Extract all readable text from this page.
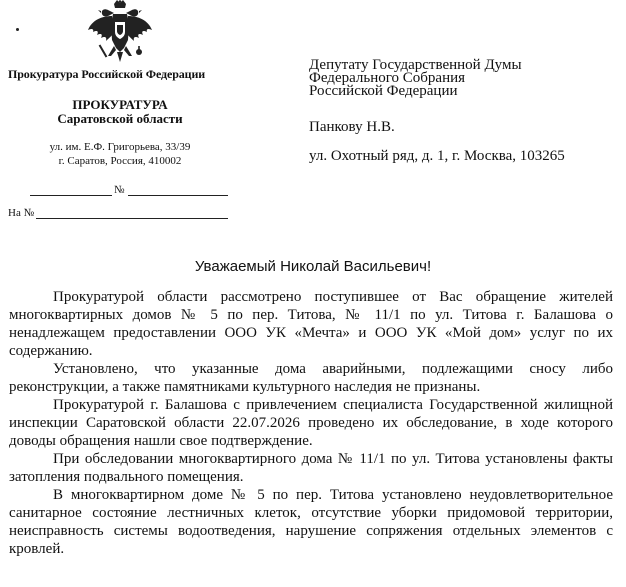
Прокуратура Российской Федерации
ПРОКУРАТУРА
Саратовской области
ул. им. Е.Ф. Григорьева, 33/39
г. Саратов, Россия, 410002
№
На №
Депутату Государственной Думы
Федерального Собрания
Российской Федерации
Панкову Н.В.
ул. Охотный ряд, д. 1, г. Москва, 103265
Уважаемый Николай Васильевич!

Прокуратурой области рассмотрено поступившее от Вас обращение жителей многоквартирных домов № 5 по пер. Титова, № 11/1 по ул. Титова г. Балашова о ненадлежащем предоставлении ООО УК «Мечта» и ООО УК «Мой дом» услуг по их содержанию.

Установлено, что указанные дома аварийными, подлежащими сносу либо реконструкции, а также памятниками культурного наследия не признаны.

Прокуратурой г. Балашова с привлечением специалиста Государственной жилищной инспекции Саратовской области 22.07.2026 проведено их обследование, в ходе которого доводы обращения нашли свое подтверждение.

При обследовании многоквартирного дома № 11/1 по ул. Титова установлены факты затопления подвального помещения.

В многоквартирном доме № 5 по пер. Титова установлено неудовлетворительное санитарное состояние лестничных клеток, отсутствие уборки придомовой территории, неисправность системы водоотведения, нарушение сопряжения отдельных элементов с кровлей.
